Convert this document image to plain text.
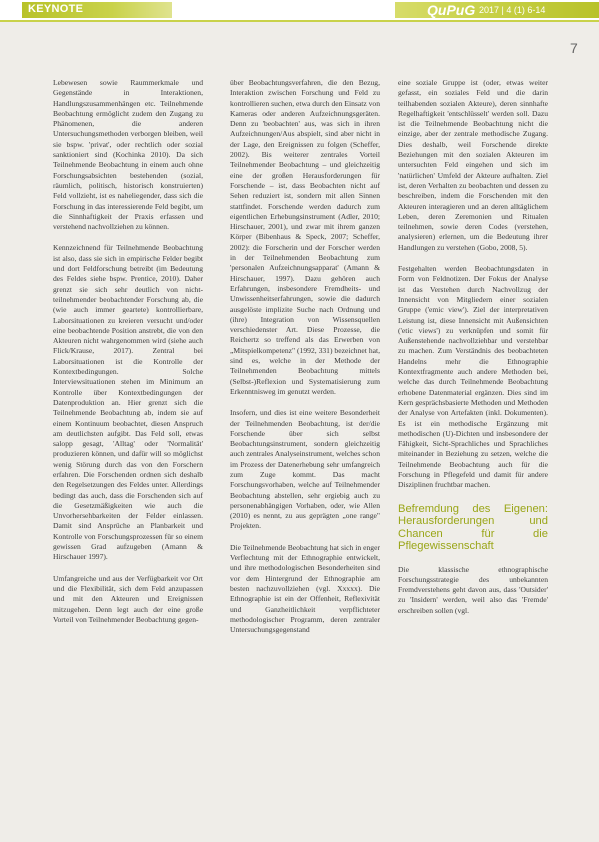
KEYNOTE	QuPuG 2017 | 4 (1) 6-14
7

Lebewesen sowie Raummerkmale und Gegenstände in Interaktionen, Handlungszusammenhängen etc. Teilnehmende Beobachtung ermöglicht zudem den Zugang zu Phänomenen, die anderen Untersuchungsmethoden verborgen bleiben, weil sie bspw. 'privat', oder rechtlich oder sozial sanktioniert sind (Kochinka 2010). Da sich Teilnehmende Beobachtung in einem auch ohne Forschungsabsichten bestehenden (sozial, räumlich, politisch, historisch konstruierten) Feld vollzieht, ist es naheliegender, dass sich die Forschung in das interessierende Feld begibt, um die Sinnhaftigkeit der Praxis erfassen und verstehend nachvollziehen zu können.

Kennzeichnend für Teilnehmende Beobachtung ist also, dass sie sich in empirische Felder begibt und dort Feldforschung betreibt (im Bedeutung des Feldes siehe bspw. Prentice, 2010). Daher grenzt sie sich sehr deutlich von nicht-teilnehmender beobachtender Forschung ab, die (wie auch immer geartete) kontrollierbare, Laborsituationen zu kreieren versucht und/oder eine beobachtende Position anstrebt, die von den Akteuren nicht wahrgenommen wird (siehe auch Flick/Krause, 2017). Zentral bei Laborsituationen ist die Kontrolle der Kontextbedingungen. Solche Interviewsituationen stehen im Minimum an Kontrolle über Kontextbedingungen der Datenproduktion an. Hier grenzt sich die Teilnehmende Beobachtung ab, indem sie auf einem Kontinuum beobachtet, diesen Anspruch am deutlichsten aufgibt. Das Feld soll, etwas salopp gesagt, 'Alltag' oder 'Normalität' produzieren können, und dafür will so möglichst wenig Störung durch das von den Forschern erfahren. Die Forschenden ordnen sich deshalb den Regelsetzungen des Feldes unter. Allerdings bedingt das auch, dass die Forschenden sich auf die Gesetzmäßigkeiten wie auch die Unvorhersehbarkeiten der Felder einlassen. Damit sind Ansprüche an Planbarkeit und Kontrolle von Forschungsprozessen für so einem gewissen Grad aufzugeben (Amann & Hirschauer 1997).

Umfangreiche und aus der Verfügbarkeit vor Ort und die Flexibilität, sich dem Feld anzupassen und mit den Akteuren und Ereignissen mitzugehen. Denn legt auch der eine große Vorteil von Teilnehmender Beobachtung gegen-

über Beobachtungsverfahren, die den Bezug, Interaktion zwischen Forschung und Feld zu kontrollieren suchen, etwa durch den Einsatz von Kameras oder anderen Aufzeichnungsgeräten. Denn zu 'beobachten' aus, was sich in ihren Aufzeichnungen/Aus abspielt, sind aber nicht in der Lage, den Ereignissen zu folgen (Scheffer, 2002). Bis weiterer zentrales Vorteil Teilnehmender Beobachtung – und gleichzeitig eine der großen Herausforderungen für Forschende – ist, dass Beobachten nicht auf Sehen reduziert ist, sondern mit allen Sinnen stattfindet. Forschende werden dadurch zum eigentlichen Erhebungsinstrument (Adler, 2010; Hirschauer, 2001), und zwar mit ihrem ganzen Körper (Bibenhaus & Speck, 2007; Scheffer, 2002): die Forscherin und der Forscher werden in der Teilnehmenden Beobachtung zum 'personalen Aufzeichnungsapparat' (Amann & Hirschauer, 1997). Dazu gehören auch Erfahrungen, insbesondere Fremdheits- und Unwissenheitserfahrungen, sowie die dadurch ausgelöste implizite Suche nach Ordnung und (ihre) Integration von Wissensquellen verschiedenster Art. Diese Prozesse, die Reichertz so treffend als das Erwerben von „Mitspielkompetenz" (1992, 331) bezeichnet hat, sind es, welche in der Methode der Teilnehmenden Beobachtung mittels (Selbst-)Reflexion und Systematisierung zum Erkenntnisweg im genutzt werden.

Insofern, und dies ist eine weitere Besonderheit der Teilnehmenden Beobachtung, ist der/die Forschende über sich selbst Beobachtungsinstrument, sondern gleichzeitig auch zentrales Analyseinstrument, welches schon im Prozess der Datenerhebung sehr umfangreich zum Zuge kommt. Das macht Forschungsvorhaben, welche auf Teilnehmender Beobachtung abstellen, sehr ergiebig auch zu personenabhängigen Vorhaben, oder, wie Allen (2010) es nennt, zu aus geprägten „one range" Projekten.

Die Teilnehmende Beobachtung hat sich in enger Verflechtung mit der Ethnographie entwickelt, und ihre methodologischen Besonderheiten sind vor dem Hintergrund der Ethnographie am besten nachzuvollziehen (vgl. Xxxxx). Die Ethnographie ist ein der Offenheit, Reflexivität und Ganzheitlichkeit verpflichteter methodologischer Programm, deren zentraler Untersuchungsgegenstand

eine soziale Gruppe ist (oder, etwas weiter gefasst, ein soziales Feld und die darin teilhabenden sozialen Akteure), deren sinnhafte Regelhaftigkeit 'entschlüsselt' werden soll. Dazu ist die Teilnehmende Beobachtung nicht die einzige, aber der zentrale methodische Zugang. Dies deshalb, weil Forschende direkte Beziehungen mit den sozialen Akteuren im untersuchten Feld eingehen und sich im 'natürlichen' Umfeld der Akteure aufhalten. Ziel ist, deren Verhalten zu beobachten und dessen zu beschreiben, indem die Forschenden mit den Akteuren interagieren und an deren alltäglichem Leben, deren Zeremonien und Ritualen teilnehmen, sowie deren Codes (verstehen, analysieren) erlernen, um die Bedeutung ihrer Handlungen zu verstehen (Gobo, 2008, 5).

Festgehalten werden Beobachtungsdaten in Form von Feldnotizen. Der Fokus der Analyse ist das Verstehen durch Nachvollzug der Innensicht von Mitgliedern einer sozialen Gruppe ('emic view'). Ziel der interpretativen Leistung ist, diese Innensicht mit Außensichten ('etic views') zu verknüpfen und somit für Außenstehende nachvollziehbar und verstehbar zu machen. Zum Verständnis des beobachteten Handelns mehr die Ethnographie Kontextfragmente auch andere Methoden bei, welche das durch Teilnehmende Beobachtung erhobene Datenmaterial ergänzen. Dies sind im Kern gesprächsbasierte Methoden und Methoden der Analyse von Artefakten (inkl. Dokumenten). Es ist ein methodische Ergänzung mit methodischen (U)-Dichten und insbesondere der Fähigkeit, Sicht-Sprachliches und Sprachliches miteinander in Beziehung zu setzen, welche die Teilnehmende Beobachtung auch für die Forschung in Pflegefeld und damit für andere Disziplinen fruchtbar machen.

Befremdung des Eigenen: Herausforderungen und Chancen für die Pflegewissenschaft

Die klassische ethnographische Forschungsstrategie des unbekannten Fremdverstehens geht davon aus, dass 'Outsider' zu 'Insidern' werden, weil also das 'Fremde' erschreiben sollen (vgl.
